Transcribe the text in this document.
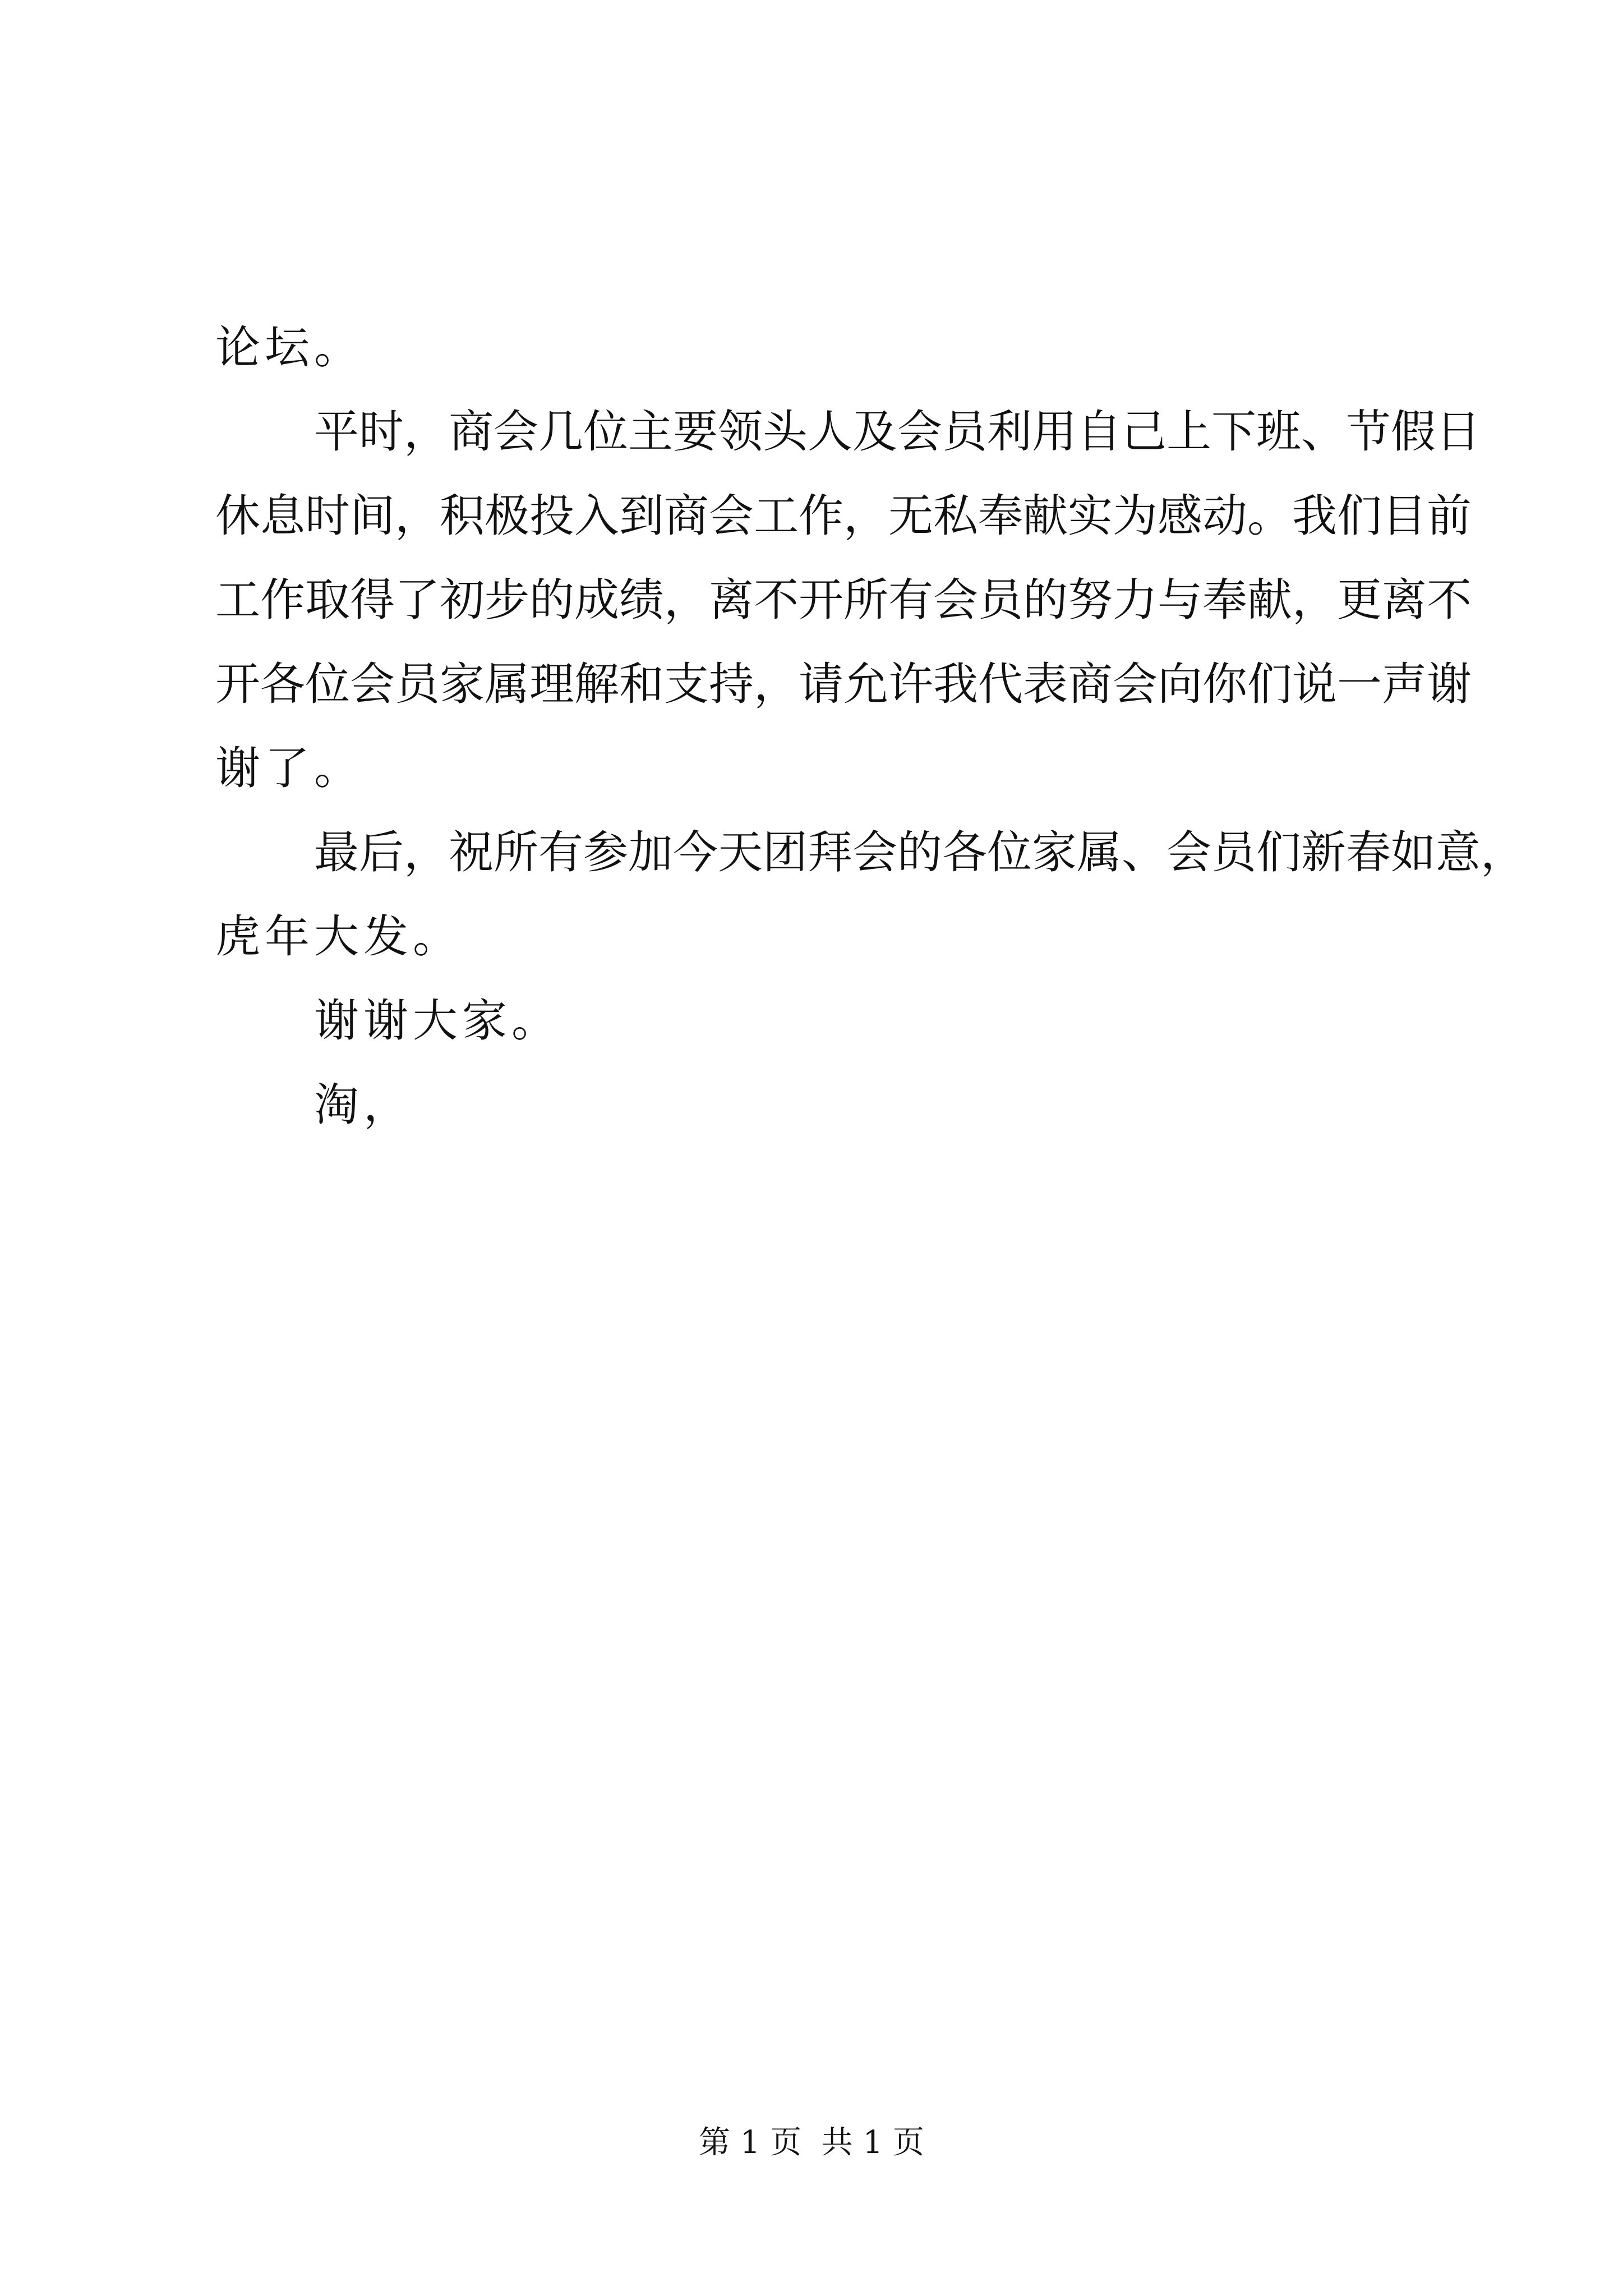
论坛。
平时，商会几位主要领头人及会员利用自己上下班、节假日
休息时间，积极投入到商会工作，无私奉献实为感动。我们目前
工作取得了初步的成绩，离不开所有会员的努力与奉献，更离不
开各位会员家属理解和支持，请允许我代表商会向你们说一声谢
谢了。
最后，祝所有参加今天团拜会的各位家属、会员们新春如意，
虎年大发。
谢谢大家。
淘，
第 1 页  共 1 页
